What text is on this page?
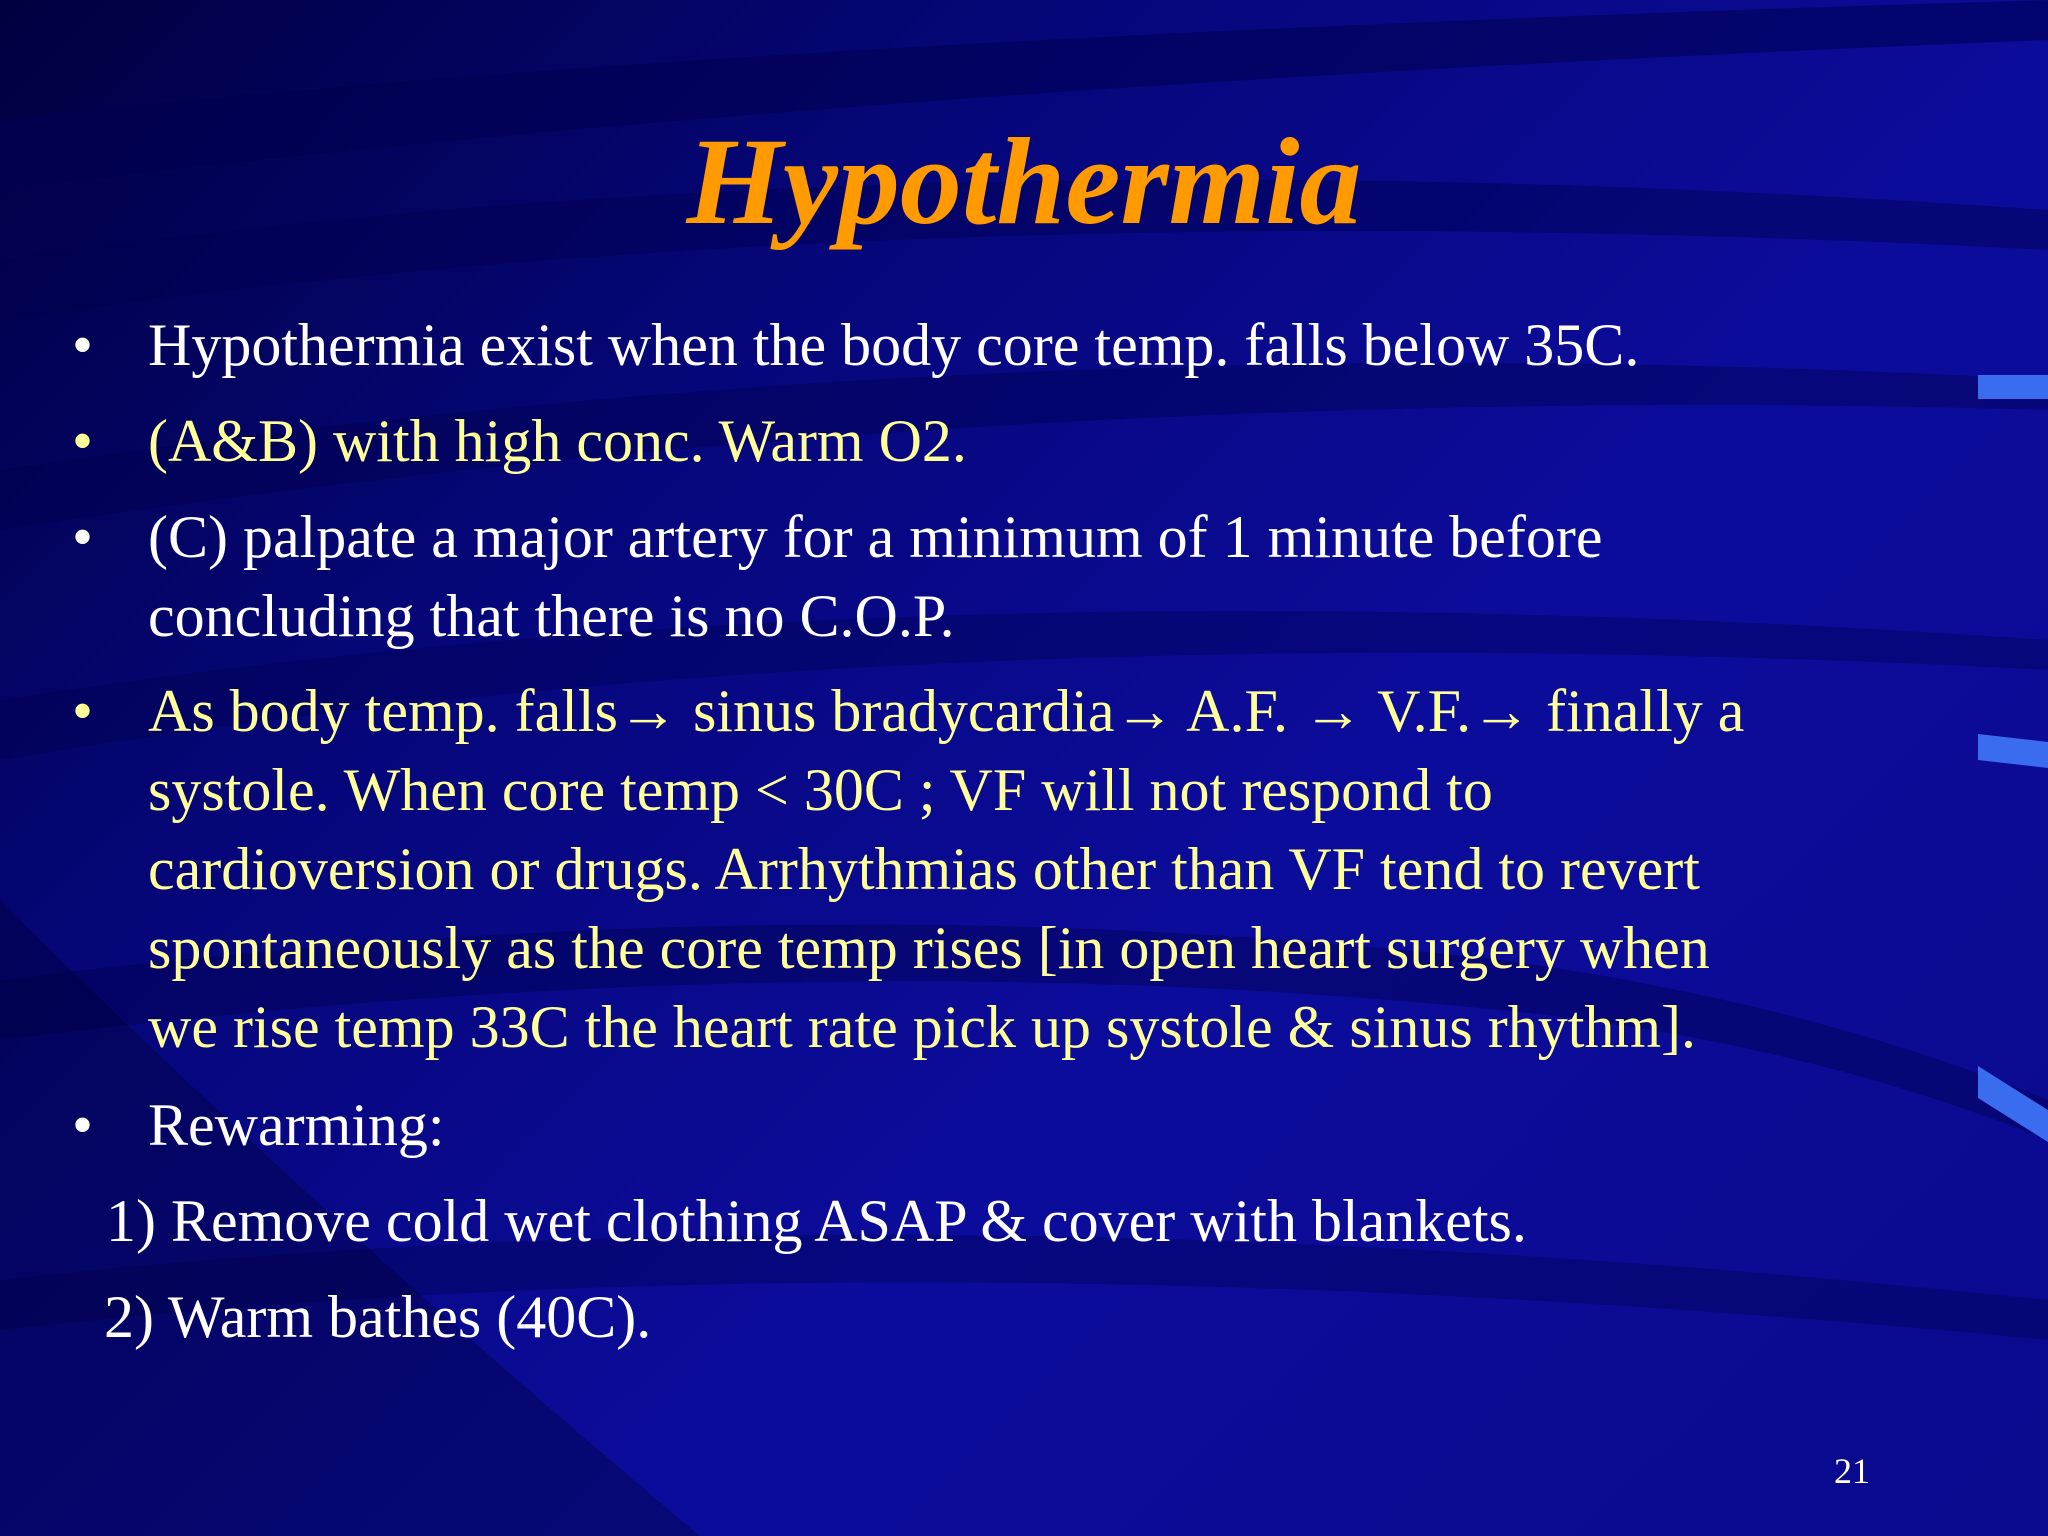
Hypothermia
• Hypothermia exist when the body core temp. falls below 35C.
• (A&B) with high conc. Warm O2.
• (C) palpate a major artery for a minimum of 1 minute before
concluding that there is no C.O.P.
• As body temp. falls→ sinus bradycardia→ A.F. → V.F.→ finally a
systole. When core temp < 30C ; VF will not respond to
cardioversion or drugs. Arrhythmias other than VF tend to revert
spontaneously as the core temp rises [in open heart surgery when
we rise temp 33C the heart rate pick up systole & sinus rhythm].
• Rewarming:
1) Remove cold wet clothing ASAP & cover with blankets.
2) Warm bathes (40C).
21
